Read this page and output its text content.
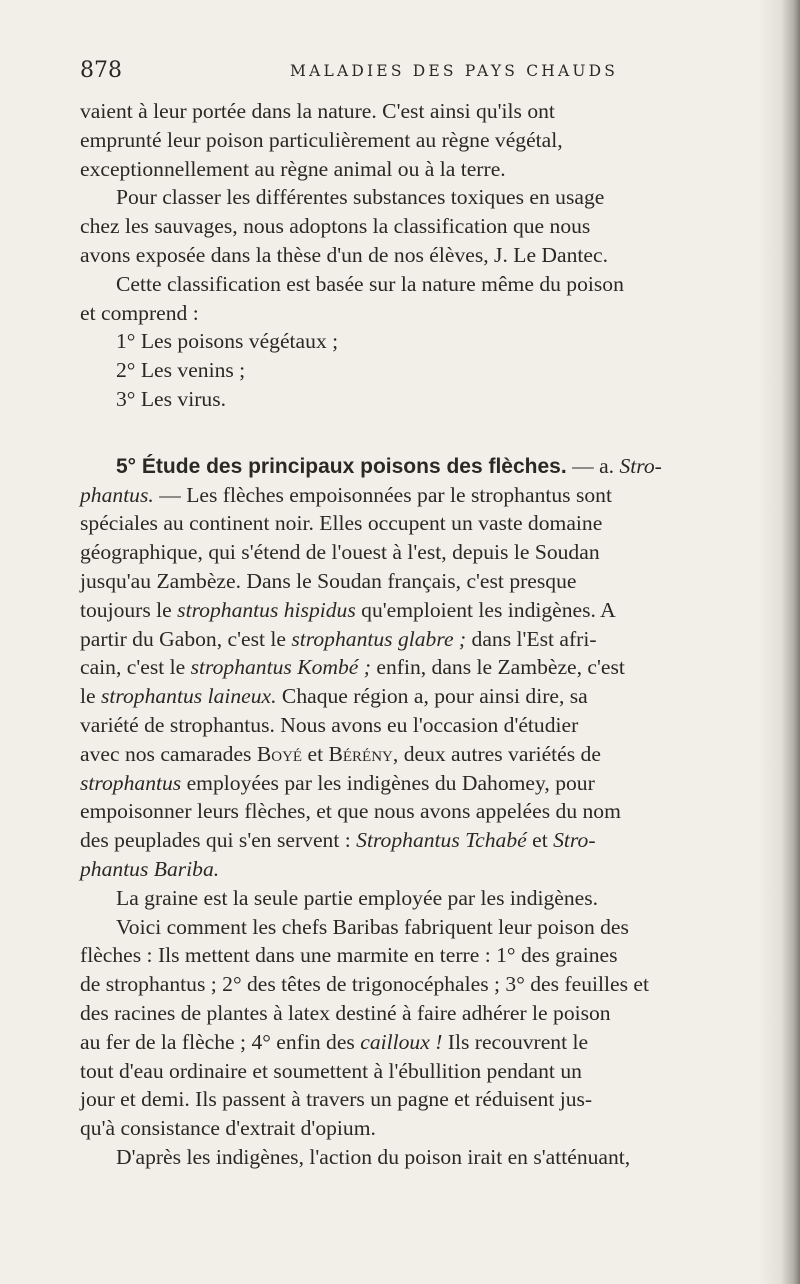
878	MALADIES DES PAYS CHAUDS
vaient à leur portée dans la nature. C'est ainsi qu'ils ont
emprunté leur poison particulièrement au règne végétal,
exceptionnellement au règne animal ou à la terre.
Pour classer les différentes substances toxiques en usage
chez les sauvages, nous adoptons la classification que nous
avons exposée dans la thèse d'un de nos élèves, J. Le Dantec.
Cette classification est basée sur la nature même du poison
et comprend :
1° Les poisons végétaux ;
2° Les venins ;
3° Les virus.
5° Étude des principaux poisons des flèches. — a. Stro-
phantus. — Les flèches empoisonnées par le strophantus sont
spéciales au continent noir. Elles occupent un vaste domaine
géographique, qui s'étend de l'ouest à l'est, depuis le Soudan
jusqu'au Zambèze. Dans le Soudan français, c'est presque
toujours le strophantus hispidus qu'emploient les indigènes. A
partir du Gabon, c'est le strophantus glabre ; dans l'Est afri-
cain, c'est le strophantus Kombé ; enfin, dans le Zambèze, c'est
le strophantus laineux. Chaque région a, pour ainsi dire, sa
variété de strophantus. Nous avons eu l'occasion d'étudier
avec nos camarades Boyé et Bérény, deux autres variétés de
strophantus employées par les indigènes du Dahomey, pour
empoisonner leurs flèches, et que nous avons appelées du nom
des peuplades qui s'en servent : Strophantus Tchabé et Stro-
phantus Bariba.
La graine est la seule partie employée par les indigènes.
Voici comment les chefs Baribas fabriquent leur poison des
flèches : Ils mettent dans une marmite en terre : 1° des graines
de strophantus ; 2° des têtes de trigonocéphales ; 3° des feuilles et
des racines de plantes à latex destiné à faire adhérer le poison
au fer de la flèche ; 4° enfin des cailloux ! Ils recouvrent le
tout d'eau ordinaire et soumettent à l'ébullition pendant un
jour et demi. Ils passent à travers un pagne et réduisent jus-
qu'à consistance d'extrait d'opium.
D'après les indigènes, l'action du poison irait en s'atténuant,
